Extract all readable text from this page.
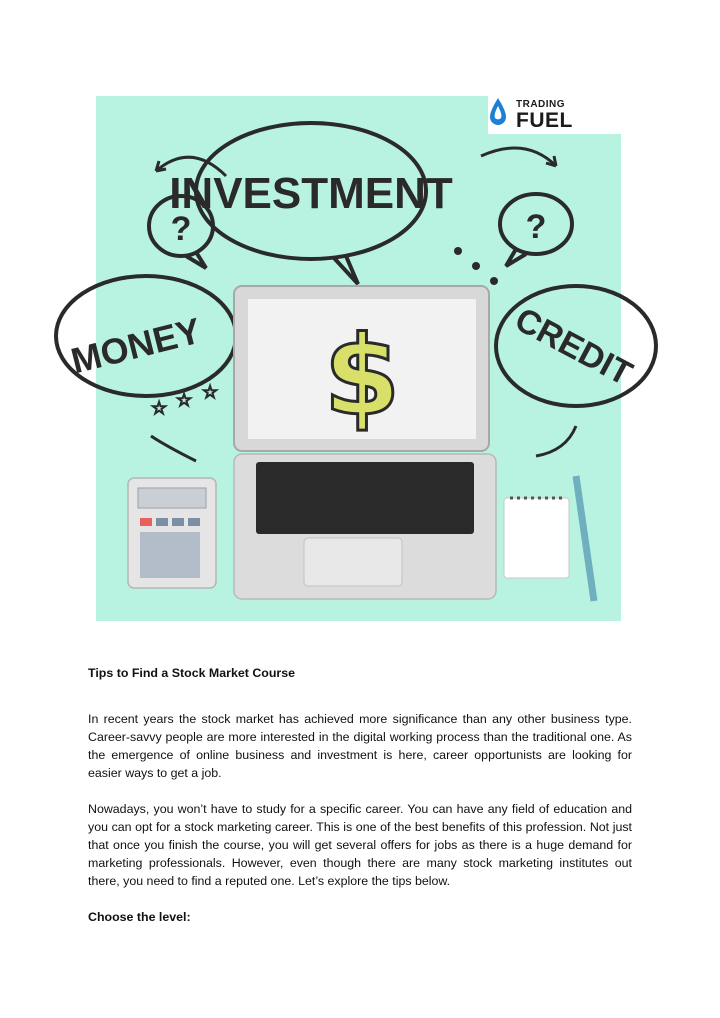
INVESTMENT
?	?
MONEY	CREDIT
☆ ☆ ☆ $
TRADING
FUEL

Tips to Find a Stock Market Course

In recent years the stock market has achieved more significance than any other business type. Career-savvy people are more interested in the digital working process than the traditional one. As the emergence of online business and investment is here, career opportunists are looking for easier ways to get a job.

Nowadays, you won’t have to study for a specific career. You can have any field of education and you can opt for a stock marketing career. This is one of the best benefits of this profession. Not just that once you finish the course, you will get several offers for jobs as there is a huge demand for marketing professionals. However, even though there are many stock marketing institutes out there, you need to find a reputed one. Let’s explore the tips below.

Choose the level:
